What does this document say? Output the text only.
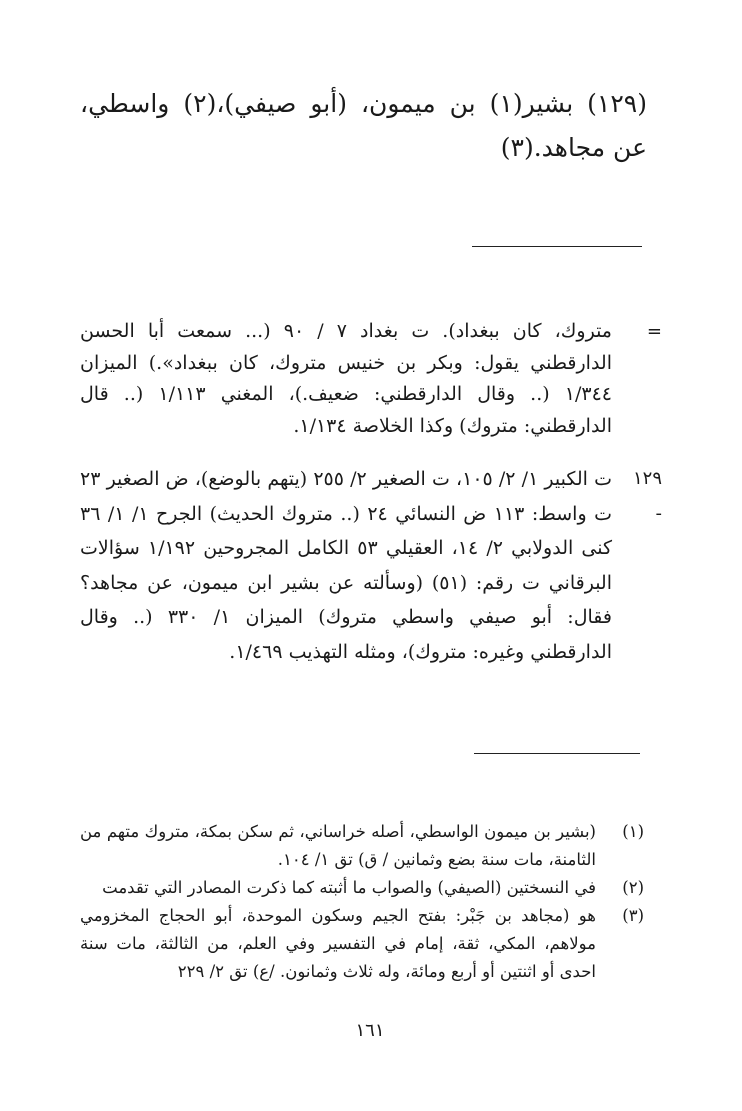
(١٢٩) بشير(١) بن ميمون، (أبو صيفي)،(٢) واسطي، عن مجاهد.(٣)
=
متروك، كان ببغداد). ت بغداد ٧ / ٩٠ (... سمعت أبا الحسن الدارقطني يقول: وبكر بن خنيس متروك، كان ببغداد».) الميزان ١/٣٤٤ (.. وقال الدارقطني: ضعيف.)، المغني ١/١١٣ (.. قال الدارقطني: متروك) وكذا الخلاصة ١/١٣٤.
١٢٩ -
ت الكبير ١/ ٢/ ١٠٥، ت الصغير ٢/ ٢٥٥ (يتهم بالوضع)، ض الصغير ٢٣ ت واسط: ١١٣ ض النسائي ٢٤ (.. متروك الحديث) الجرح ١/ ١/ ٣٦ كنى الدولابي ٢/ ١٤، العقيلي ٥٣ الكامل المجروحين ١/١٩٢ سؤالات البرقاني ت رقم: (٥١) (وسألته عن بشير ابن ميمون، عن مجاهد؟ فقال: أبو صيفي واسطي متروك) الميزان ١/ ٣٣٠ (.. وقال الدارقطني وغيره: متروك)، ومثله التهذيب ١/٤٦٩.
(١)
(بشير بن ميمون الواسطي، أصله خراساني، ثم سكن بمكة، متروك متهم من الثامنة، مات سنة بضع وثمانين / ق) تق ١/ ١٠٤.
(٢)
في النسختين (الصيفي) والصواب ما أثبته كما ذكرت المصادر التي تقدمت
(٣)
هو (مجاهد بن جَبْر: بفتح الجيم وسكون الموحدة، أبو الحجاج المخزومي مولاهم، المكي، ثقة، إمام في التفسير وفي العلم، من الثالثة، مات سنة احدى أو اثنتين أو أربع ومائة، وله ثلاث وثمانون. /ع) تق ٢/ ٢٢٩
١٦١
